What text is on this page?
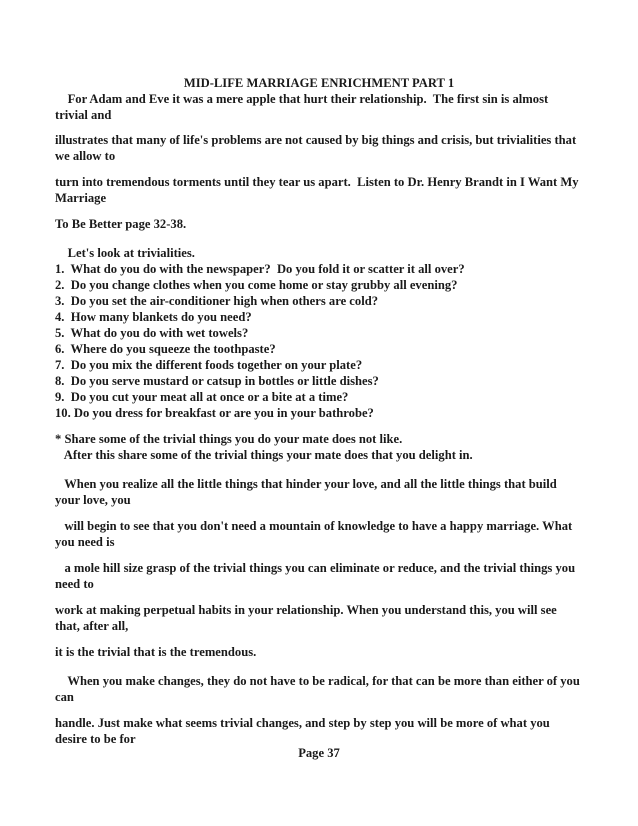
MID-LIFE MARRIAGE ENRICHMENT PART 1

For Adam and Eve it was a mere apple that hurt their relationship.  The first sin is almost

trivial and

illustrates that many of life's problems are not caused by big things and crisis, but trivialities that

we allow to

turn into tremendous torments until they tear us apart.  Listen to Dr. Henry Brandt in I Want My

Marriage

To Be Better page 32-38.

Let's look at trivialities.

1.  What do you do with the newspaper?  Do you fold it or scatter it all over?

2.  Do you change clothes when you come home or stay grubby all evening?

3.  Do you set the air-conditioner high when others are cold?

4.  How many blankets do you need?

5.  What do you do with wet towels?

6.  Where do you squeeze the toothpaste?

7.  Do you mix the different foods together on your plate?

8.  Do you serve mustard or catsup in bottles or little dishes?

9.  Do you cut your meat all at once or a bite at a time?

10. Do you dress for breakfast or are you in your bathrobe?

* Share some of the trivial things you do your mate does not like.

After this share some of the trivial things your mate does that you delight in.

When you realize all the little things that hinder your love, and all the little things that build

your love, you

will begin to see that you don't need a mountain of knowledge to have a happy marriage. What

you need is

a mole hill size grasp of the trivial things you can eliminate or reduce, and the trivial things you

need to

work at making perpetual habits in your relationship. When you understand this, you will see

that, after all,

it is the trivial that is the tremendous.

When you make changes, they do not have to be radical, for that can be more than either of you

can

handle. Just make what seems trivial changes, and step by step you will be more of what you

desire to be for

Page 37
